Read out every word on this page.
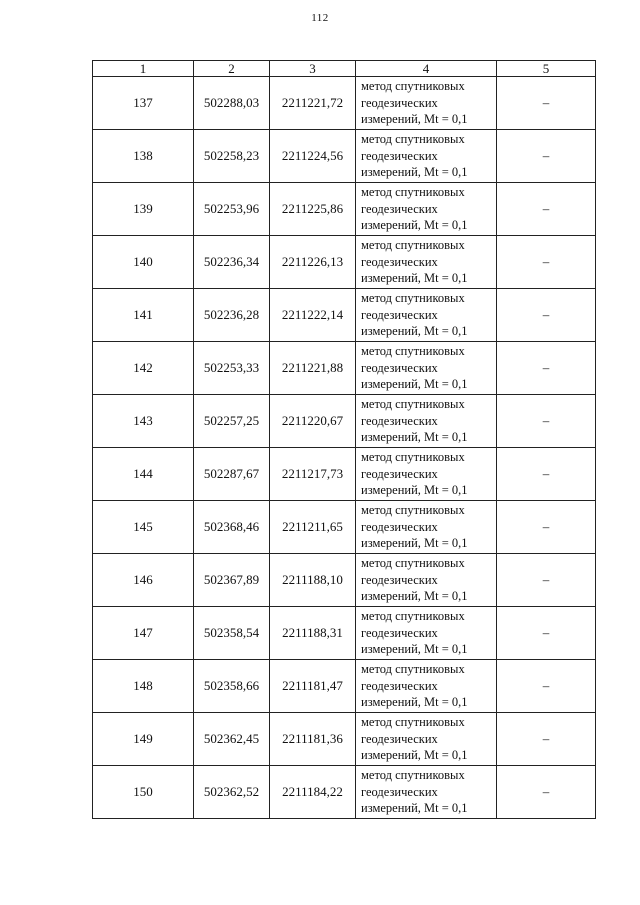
112
1	2	3	4	5
137	502288,03	2211221,72	метод спутниковых
геодезических
измерений, Mt = 0,1	–
138	502258,23	2211224,56	метод спутниковых
геодезических
измерений, Mt = 0,1	–
139	502253,96	2211225,86	метод спутниковых
геодезических
измерений, Mt = 0,1	–
140	502236,34	2211226,13	метод спутниковых
геодезических
измерений, Mt = 0,1	–
141	502236,28	2211222,14	метод спутниковых
геодезических
измерений, Mt = 0,1	–
142	502253,33	2211221,88	метод спутниковых
геодезических
измерений, Mt = 0,1	–
143	502257,25	2211220,67	метод спутниковых
геодезических
измерений, Mt = 0,1	–
144	502287,67	2211217,73	метод спутниковых
геодезических
измерений, Mt = 0,1	–
145	502368,46	2211211,65	метод спутниковых
геодезических
измерений, Mt = 0,1	–
146	502367,89	2211188,10	метод спутниковых
геодезических
измерений, Mt = 0,1	–
147	502358,54	2211188,31	метод спутниковых
геодезических
измерений, Mt = 0,1	–
148	502358,66	2211181,47	метод спутниковых
геодезических
измерений, Mt = 0,1	–
149	502362,45	2211181,36	метод спутниковых
геодезических
измерений, Mt = 0,1	–
150	502362,52	2211184,22	метод спутниковых
геодезических
измерений, Mt = 0,1	–
